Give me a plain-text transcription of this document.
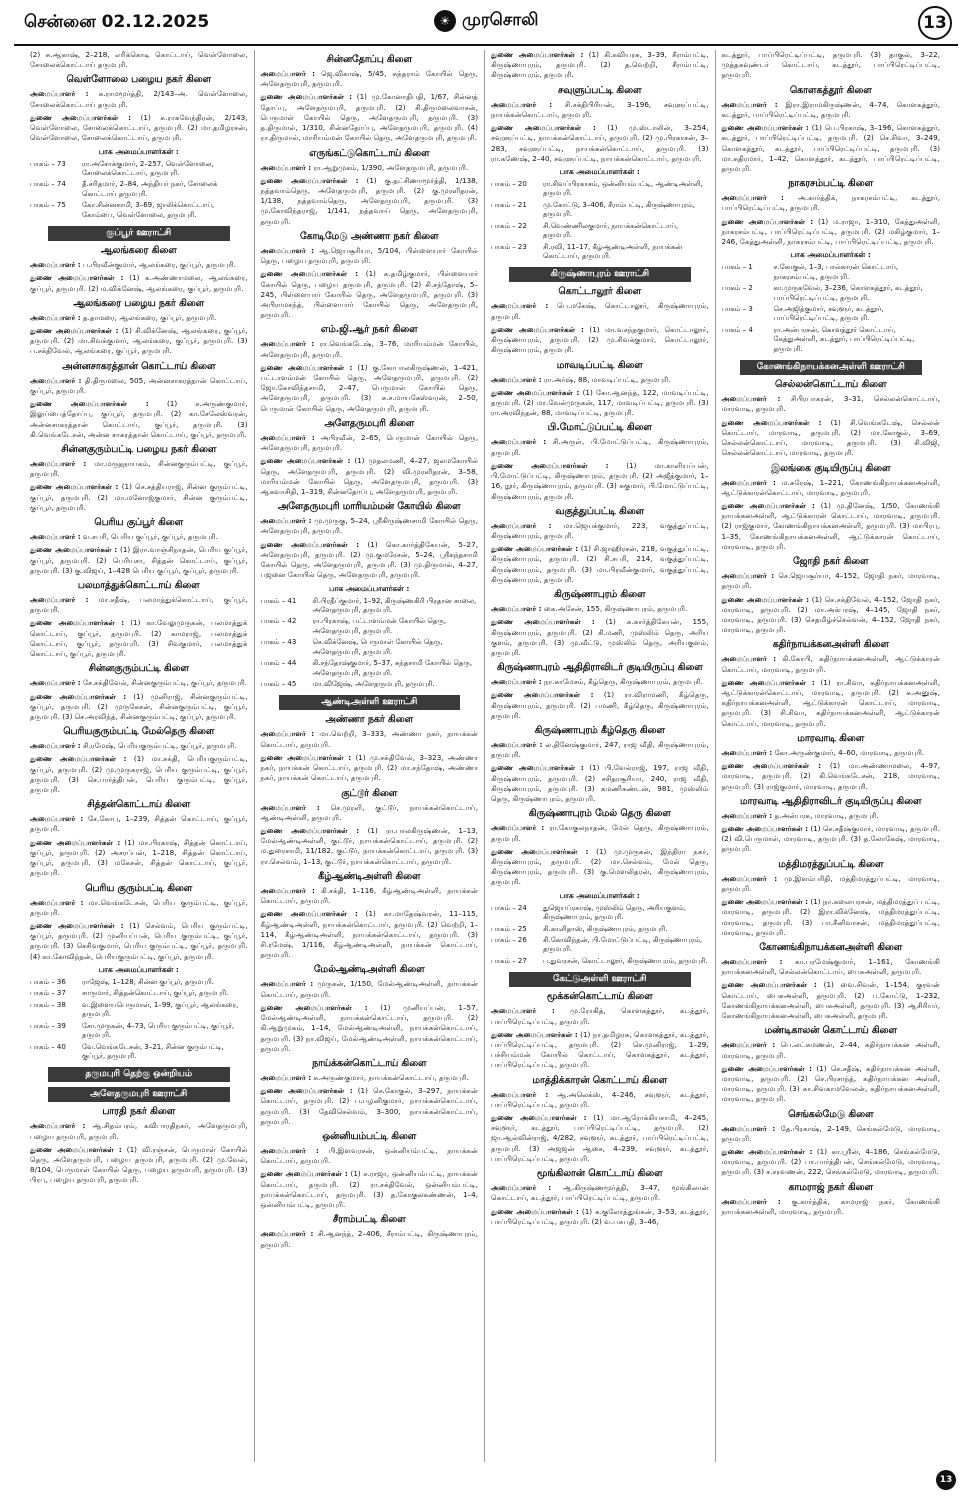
சென்னை 02.12.2025	☀ முரசொலி	13
(2) சு.ஆகாஷ், 2–218, எரிக்கொடி கொட்டாய், வெள்ளோலை, சோலைக்கொட்டாய் தருமபுரி.
வெள்ளோலை பழைய நகர் கிளை
அமைப்பாளர் : சு.ராமமூர்த்தி, 2/143–அ. வெள்ளோலை, சோலைக்கொட்டாய் தருமபுரி.
துணை அமைப்பாளர்கள் : (1) சு.ராகவேந்திரன், 2/143, வெள்ளோலை, சோலைக்கொட்டாய், தருமபுரி. (2) மா.தமிழரசன், வெள்ளோலை, சோலைக்கொட்டாய், தருமபுரி.
பாக அமைப்பாளர்கள் :
பாகம் – 73	ரா.அசோக்குமார், 2–257, வெள்ளோலை, சோலைக்கொட்டாய், தருமபுரி.
பாகம் – 74	தீ.சரிதமார், 2–84, அந்தியர் நகர், சோலைக் கொட்டாய் தருமபுரி.
பாகம் – 75	கோ.சின்னசாமி, 3–69, ஜாலிக்கொட்டாய், கோம்பை, வெள்ளோலை, தருமபுரி.
குப்பூர் ஊராட்சி
ஆலங்கரை கிளை
அமைப்பாளர் : ப.பிரவீன்குமார், ஆலங்கரை, குப்பூர், தருமபுரி.
துணை அமைப்பாளர்கள் : (1) க.அண்ணாமலை, ஆலங்கரை, குப்பூர், தருமபுரி. (2) ம.விக்னேஷ், ஆலங்கரை, குப்பூர், தருமபுரி.
ஆலங்கரை பழைய நகர் கிளை
அமைப்பாளர் : த.தாமரை, ஆலங்கரை, குப்பூர், தருமபுரி.
துணை அமைப்பாளர்கள் : (1) சி.விக்னேஷ், ஆலங்கரை, குப்பூர், தருமபுரி. (2) மா.சிவக்குமார், ஆலங்கரை, குப்பூர், தருமபுரி. (3) ப.சக்திவேல், ஆலங்கரை, குப்பூர், தருமபுரி.
அன்னசாகரத்தான் கொட்டாய் கிளை
அமைப்பாளர் : தி.திருமலை, 505, அன்னசாகரத்தான் கொட்டாய், குப்பூர், தருமபுரி.
துணை அமைப்பாளர்கள் : (1) ச.அருண்குமார், இலுப்பைத்தோப்பு, குப்பூர், தருமபுரி. (2) கா.சேலேஸ்வரன், அன்னசாகரத்தான் கொட்டாய், குப்பூர், தருமபுரி. (3) கி.வெங்கடேசன், அன்ன சாகரத்தான் கொட்டாய், குப்பூர், தருமபுரி.
சின்னகுரும்பட்டி பழைய நகர் கிளை
அமைப்பாளர் : மா.மருதநாயகம், சின்னகுரும்பட்டி, குப்பூர், தருமபுரி.
துணை அமைப்பாளர்கள் : (1) செ.சத்தியராஜ், சின்ன குரும்பட்டி, குப்பூர், தருமபுரி. (2) மா.மனோஜ்குமார், சின்ன குரும்பட்டி, குப்பூர், தருமபுரி.
பெரிய குப்பூர் கிளை
அமைப்பாளர் : வ.சபரி, பெரிய குப்பூர், குப்பூர், தருமபுரி.
துணை அமைப்பாளர்கள் : (1) இரா.வாஞ்சிநாதன், பெரிய குப்பூர், குப்பூர், தருமபுரி. (2) பெரியசா, சித்தன் கொட்டாய், குப்பூர், தருமபுரி. (3) கு.விஜய், 1–428 பெரிய குப்பூர், குப்பூர், தருமபுரி.
பலமாத்துக்கொட்டாய் கிளை
அமைப்பாளர் : மா.சதீஷ், பலமாத்துக்கொட்டாய், குப்பூர், தருமபுரி.
துணை அமைப்பாளர்கள் : (1) கா.வேலுமுருகன், பலமாத்துக் கொட்டாய், குப்பூர், தருமபுரி. (2) காமராஜ், பலமாத்துக் கொட்டாய், குப்பூர், தருமபுரி. (3) சிவகுமார், பலமாத்துக் கொட்டாய், குப்பூர், தருமபுரி.
சின்னகுரும்பட்டி கிளை
அமைப்பாளர் : சே.சக்திவேல், சின்னகுரும்பட்டி, குப்பூர், தருமபுரி.
துணை அமைப்பாளர்கள் : (1) முனிராஜ், சின்னகுரும்பட்டி, குப்பூர், தருமபுரி. (2) முருகேசன், சின்னகுரும்பட்டி, குப்பூர், தருமபுரி. (3) செ.அரவிந்த், சின்னகுரும்பட்டி, குப்பூர், தருமபுரி.
பெரியகுரும்பட்டி மேல்தெரு கிளை
அமைப்பாளர் : சி.ரமேஷ், பெரியகுரும்பட்டி, குப்பூர், தருமபுரி.
துணை அமைப்பாளர்கள் : (1) மா.சக்தி, பெரியகுரும்பட்டி, குப்பூர், தருமபுரி. (2) மு.முருகராஜ், பெரிய குரும்பட்டி, குப்பூர், தருமபுரி. (3) செ.பார்த்திபன், பெரிய குரும்பட்டி, குப்பூர், தருமபுரி.
சித்தன்கொட்டாய் கிளை
அமைப்பாளர் : சே.கோபு, 1–239, சித்தன் கொட்டாய், குப்பூர், தருமபுரி.
துணை அமைப்பாளர்கள் : (1) மா.பிரகாஷ், சித்தன் கொட்டாய், குப்பூர், தருமபுரி. (2) அசரப்பன், 1–218, சித்தன் கொட்டாய், குப்பூர், தருமபுரி. (3) மகேசன், சித்தன் கொட்டாய், குப்பூர், தருமபுரி.
பெரிய குரும்பட்டி கிளை
அமைப்பாளர் : மா.வெங்கடேசன், பெரிய குரும்பட்டி, குப்பூர், தருமபுரி.
துணை அமைப்பாளர்கள் : (1) செல்வம், பெரிய குரும்பட்டி, குப்பூர், தருமபுரி. (2) முனியப்பன், பெரிய குரும்பட்டி, குப்பூர், தருமபுரி. (3) செசிவகுமார், பெரிய குரும்பட்டி, குப்பூர், தருமபுரி. (4) கா.கோவிந்தன், பெரியகுரும்பட்டி, குப்பூர், தருமபுரி.
பாக அமைப்பாளர்கள் :
பாகம் – 36	ராஜேஷ், 1–128, சின்ன குப்பூர், தருமபுரி.
பாகம் – 37	சாருமார், சித்தன்கொட்டாய், குப்பூர், தருமபுரி.
பாகம் – 38	வ.இளையபெருமாள், 1–99, குப்பூர், ஆலங்கரை, தருமபுரி.
பாகம் – 39	சோ.முருகன், 4–73, பெரிய குரும்பட்டி, குப்பூர், தருமபுரி.
பாகம் – 40	வே.வெங்கடேசன், 3–21, சின்ன குரும்பட்டி, குப்பூர், தருமபுரி.
தருமபுரி தெற்கு ஒன்றியம்
அளேதருமபுரி ஊராட்சி
பாரதி நகர் கிளை
அமைப்பாளர் : ஆ.சிதம்பரம், கவிபாரதிநகர், அளேதருமபுரி, பழைய தருமபுரி, தருமபுரி.
துணை அமைப்பாளர்கள் : (1) வி.ரஞ்சன், பெருமாள் கோயில் தெரு, அளேதருமபுரி, பழைய தருமபுரி, தருமபுரி. (2) மு.வேல், 8/104, பெருமாள் கோயில் தெரு, பழைய தருமபுரி, தருமபுரி. (3) பிரபு, பழைய தருமபுரி, தருமபுரி.
சின்னதோப்பு கிளை
அமைப்பாளர் : ஜெ.விகாஷ், 5/45, சுந்தராம் கோயில் தெரு, அளேதருமபுரி, தருமபுரி.
துணை அமைப்பாளர்கள் : (1) மு.கோனாதிபதி, 1/67, சின்னத் தோப்பு, அளேதருமபுரி, தருமபுரி. (2) சி.திருமலைவாசன், பெருமாள் கோயில் தெரு, அளேதருமபுரி, தருமபுரி. (3) த.திருமால், 1/310, சின்னதோப்பு, அளேதருமபுரி, தருமபுரி. (4) ரா.திருமால், மாரியம்மன் கோயில் தெரு, அளேதருமபுரி, தருமபுரி.
எருங்கட்டுகொட்டாய் கிளை
அமைப்பாளர் : ரா.ஆறுமுகம், 1/390, அளேதருமபுரி, தருமபுரி.
துணை அமைப்பாளர்கள் : (1) கு.தட்சிணாமூர்த்தி, 1/138, நத்தவாம்தெரு, அளேதருமபுரி, தருமபுரி. (2) கு.முரளிதரன், 1/138, நத்தவாம்தெரு, அளேதருமபுரி, தருமபுரி. (3) மு.கோவிந்தராஜ், 1/141, நத்தவாய் தெரு, அளேதருமபுரி, தருமபுரி.
கோடிமேடு அண்ணா நகர் கிளை
அமைப்பாளர் : ஆ.ஜெயசூரியா, 5/104, பிள்ளையார் கோயில் தெரு, பழைய தருமபுரி, தருமபுரி.
துணை அமைப்பாளர்கள் : (1) க.தமிழ்குமார், பிள்ளையார் கோயில் தெரு, பழைய தருமபுரி, தருமபுரி. (2) சி.சந்தோஷ், 5–245, பிள்ளையார் கோயில் தெரு, அளேதருமபுரி, தருமபுரி. (3) அபிராமசந்த், பிள்ளையார் கோயில் தெரு, அளேதருமபுரி, தருமபுரி.
எம்.ஜி.ஆர் நகர் கிளை
அமைப்பாளர் : ரா.வெங்கடேஷ், 3–76, மாரியம்மன் கோயில், அளேதருமபுரி, தருமபுரி.
துணை அமைப்பாளர்கள் : (1) கு.கோபாலகிருஷ்ணன், 1–421, பட்டாளம்மன் கோயில் தெரு, அளேதருமபுரி, தருமபுரி. (2) ஜோ.கோவிந்தசாமி, 2–47, பெருமாள் கோயில் தெரு, அளேதருமபுரி, தருமபுரி. (3) சு.ச.மாயகேஸ்வரன், 2–50, பெருமாள் கோயில் தெரு, அளேதருமபுரி, தருமபுரி.
அளேதருமபுரி கிளை
அமைப்பாளர் : அபிரவீன், 2–65, பெருமாள் கோயில் தெரு, அளேதருமபுரி, தருமபுரி.
துணை அமைப்பாளர்கள் : (1) முதலமணி, 4–27, ஜலமகோயில் தெரு, அளேதருமபுரி, தருமபுரி. (2) வி.முரளிதரன், 3–58, மாரியம்மன் கோயில் தெரு, அளேதருமபுரி, தருமபுரி. (3) ஆகவாசிதி, 1–319, சின்னதோப்பு, அளேதருமபுரி, தருமபுரி.
அளேதருமபுரி மாரியம்மன் கோயில் கிளை
அமைப்பாளர் : மு.முருகு, 5–24, ஸ்ரீகிருஷ்ணசாமி கோயில் தெரு, அளேதருமபுரி, தருமபுரி.
துணை அமைப்பாளர்கள் : (1) கொ.கார்த்திகேயன், 5–27, அளேதருமபுரி, தருமபுரி. (2) மு.குமரேசன், 5–24, ஸ்ரீகந்தசாமி கோயில் தெரு, அளேதருமபுரி, தருமபுரி. (3) மு.திருமால், 4–27, பஜனை கோயில் தெரு, அளேதருமபுரி, தருமபுரி.
பாக அமைப்பாளர்கள் :
பாகம் – 41	சி.பிரதீப்குமார், 1–92, கிருஷ்ணகிரி பிரதான சாலை, அளேதருமபுரி, தருமபுரி.
பாகம் – 42	ரா.பிரகாஷ், பட்டாளம்மன் கோயில் தெரு, அளேதருமபுரி, தருமபுரி.
பாகம் – 43	செ.விக்னேஷ், பெருமாள் கோயில் தெரு, அளேதருமபுரி, தருமபுரி.
பாகம் – 44	கி.சந்தோஷ்குமார், 5–37, சுந்தசாமி கோயில் தெரு, அளேதருமபுரி, தருமபுரி.
பாகம் – 45	மா.விஜேஷ், அளேதருமபுரி, தருமபுரி.
ஆண்டிஅள்ளி ஊராட்சி
அண்ணா நகர் கிளை
அமைப்பாளர் : மா.வெற்றி, 3–333, அண்ணா நகர், நாயக்கன் கொட்டாய், தருமபுரி.
துணை அமைப்பாளர்கள் : (1) மு.சக்திவேல், 3–323, அண்ணா நகர், நாயக்கன் கொட்டாய், தருமபுரி. (2) மா.சந்தோஷ், அண்ணா நகர், நாயக்கன் கொட்டாய், தருமபுரி.
குட்டூர் கிளை
அமைப்பாளர் : செ.முரளி, குட்டூர், நாயக்கன்கொட்டாய், ஆண்டிஅள்ளி, தருமபுரி.
துணை அமைப்பாளர்கள் : (1) ரா.பாலகிருஷ்ணன், 1–13, மேல்ஆண்டிஅள்ளி, குட்டூர், நாயக்கன்கொட்டாய், தருமபுரி. (2) ம.துரைசாமி, 11/182, குட்டூர், நாயக்கன்கொட்டாய், தருமபுரி. (3) ரா.செல்வம், 1–13, குட்டூர், நாயக்கன்கொட்டாய், தருமபுரி.
கீழ்ஆண்டிஅள்ளி கிளை
அமைப்பாளர் : கி.சக்தி, 1–116, கீழ்ஆண்டிஅள்ளி, நாயக்கன் கொட்டாய், தருமபுரி.
துணை அமைப்பாளர்கள் : (1) கா.மாதேஷ்வரன், 11–115, கீழ்ஆண்டிஅள்ளி, நாயக்கன்கொட்டாய், தருமபுரி. (2) வெற்றி, 1–114, கீழ்ஆண்டிஅள்ளி, நாயக்கன்கொட்டாய், தருமபுரி. (3) சி.ரமேஷ், 1/116, கீழ்ஆண்டிஅள்ளி, நாயக்கன் கொட்டாய், தருமபுரி.
மேல்ஆண்டிஅள்ளி கிளை
அமைப்பாளர் : முருகன், 1/150, மேல்ஆண்டிஅள்ளி, நாயக்கன் கொட்டாய், தருமபுரி.
துணை அமைப்பாளர்கள் : (1) முனியப்பன், 1–57, மேல்ஆண்டிஅள்ளி, நாயக்கன்கொட்டாய், தருமபுரி. (2) கி.ஆறுமுகம், 1–14, மேல்ஆண்டிஅள்ளி, நாயக்கன்கொட்டாய், தருமபுரி. (3) நா.விஜய், மேல்ஆண்டிஅள்ளி, நாயக்கன்கொட்டாய், தருமபுரி.
நாய்க்கன்கொட்டாய் கிளை
அமைப்பாளர் : சு.அருண்குமார், நாயக்கன்கொட்டாய், தருமபுரி.
துணை அமைப்பாளர்கள் : (1) செ.கோகுல், 3–297, நாயக்கன் கொட்டாய், தருமபுரி. (2) ப.பழனிகுமார், நாயக்கன்கொட்டாய், தருமபுரி. (3) தேவிசெல்வம், 3–300, நாயக்கன்கொட்டாய், தருமபுரி.
ஒன்னியம்பட்டி கிளை
அமைப்பாளர் : பி.இளவரசன், ஒன்னியம்பட்டி, நாயக்கன் கொட்டாய், தருமபுரி.
துணை அமைப்பாளர்கள் : (1) ச.ராஜா, ஒன்னியம்பட்டி, நாயக்கன் கொட்டாய், தருமபுரி. (2) ரா.சக்திவேல், ஒன்னியம்பட்டி, நாயக்கன்கொட்டாய், தருமபுரி. (3) த.கோகுலகண்ணன், 1–4, ஒன்னியம்பட்டி, தருமபுரி.
சீராம்பட்டி கிளை
அமைப்பாளர் : சி.ஆனந்த், 2–406, சீராம்பட்டி, கிருஷ்ணாபுரம், தருமபுரி.
துணை அமைப்பாளர்கள் : (1) கி.கவியரசு, 3–39, சீராம்பட்டி, கிருஷ்ணாபுரம், தருமபுரி. (2) த.வெற்றி, சீராம்பட்டி, கிருஷ்ணாபுரம், தருமபுரி.
சவுளுப்பட்டி கிளை
அமைப்பாளர் : சி.சக்திபிரியன், 3–196, சவுளுப்பட்டி, நாயக்கன்கொட்டாய், தருமபுரி.
துணை அமைப்பாளர்கள் : (1) மு.ஸ்டாலின், 3–254, சவுளுப்பட்டி, நாயக்கன்கொட்டாய், தருமபுரி. (2) மு.பிரகாசன், 3–283, சவுளுப்பட்டி, நாயக்கன்கொட்டாய், தருமபுரி. (3) ரா.கணேஷ், 2–40, சவுளுப்பட்டி, நாயக்கன்கொட்டாய், தருமபுரி.
பாக அமைப்பாளர்கள் :
பாகம் – 20	ரா.சிவப்பிரகாசம், ஒன்னியம்பட்டி, ஆண்டிஅள்ளி, தருமபுரி.
பாகம் – 21	மு.கோட்டு, 3–406, சீராம்பட்டி, கிருஷ்ணாபுரம், தருமபுரி.
பாகம் – 22	சி.வெண்ணிலகுமார், நாயக்கன்கொட்டாய், தருமபுரி.
பாகம் – 23	சி.ரவி, 11–17, கீழ்ஆண்டிஅள்ளி, நாயக்கன் கொட்டாய், தருமபுரி.
கிருஷ்ணாபுரம் ஊராட்சி
கொட்டாலூர் கிளை
அமைப்பாளர் : பெ.மகேஷ், கொட்டாலூர், கிருஷ்ணாபுரம், தருமபுரி.
துணை அமைப்பாளர்கள் : (1) மா.வசந்தகுமார், கொட்டாலூர், கிருஷ்ணாபுரம், தருமபுரி. (2) மு.சிவக்குமார், கொட்டாலூர், கிருஷ்ணாபுரம், தருமபுரி.
மாவடிப்பட்டி கிளை
அமைப்பாளர் : ரா.அர்ஷ், 88, மாவடிப்பட்டி, தருமபுரி.
துணை அமைப்பாளர்கள் : (1) கோ.ஆனந்த், 122, மாவடிப்பட்டி, தருமபுரி. (2) மா.வேல்முருகன், 117, மாவடிப்பட்டி, தருமபுரி. (3) ரா.அரவிந்தன், 88, மாவடிப்பட்டி, தருமபுரி.
பி.மோட்டுப்பட்டி கிளை
அமைப்பாளர் : சி.அருள், பி.மோட்டுப்பட்டி, கிருஷ்ணாபுரம், தருமபுரி.
துணை அமைப்பாளர்கள் : (1) மா.காளியப்பன், பி.மோட்டுப்பட்டி, கிருஷ்ணாபுரம், தருமபுரி. (2) அஜீத்குமார், 1–16, நூர், கிருஷ்ணாபுரம், தருமபுரி. (3) சுகுமார், பி.மோட்டுப்பட்டி, கிருஷ்ணாபுரம், தருமபுரி.
வகுத்துப்பட்டி கிளை
அமைப்பாளர் : மா.ஜெயக்குமார், 223, வகுத்துப்பட்டி, கிருஷ்ணாபுரம், தருமபுரி.
துணை அமைப்பாளர்கள் : (1) சி.ஜாஹிரசன், 218, வகுத்துப்பட்டி, கிருஷ்ணாபுரம், தருமபுரி. (2) சி.சபரி, 214, வகுத்துப்பட்டி, கிருஷ்ணாபுரம், தருமபுரி. (3) மா.பிரவீன்குமார், வகுத்துப்பட்டி, கிருஷ்ணாபுரம், தருமபுரி.
கிருஷ்ணாபுரம் கிளை
அமைப்பாளர் : கை.அசேன், 155, கிருஷ்ணாபுரம், தருமபுரி.
துணை அமைப்பாளர்கள் : (1) சு.கார்த்திகேயன், 155, கிருஷ்ணாபுரம், தருமபுரி. (2) சி.மணி, முஸ்லிம் தெரு, அரிய குளம், தருமபுரி. (3) மு.வீட்டு, முஸ்லிம் தெரு, அரியகுளம், தருமபுரி.
கிருஷ்ணாபுரம் ஆதிதிராவிடர் குடியிருப்பு கிளை
அமைப்பாளர் : நா.காமேசம், கீழ்தெரு, கிருஷ்ணாபுரம், தருமபுரி.
துணை அமைப்பாளர்கள் : (1) ரா.விராமணி, கீழ்தெரு, கிருஷ்ணாபுரம், தருமபுரி. (2) பமணி, கீழ்தெரு, கிருஷ்ணாபுரம், தருமபுரி.
கிருஷ்ணாபுரம் கீழ்தெரு கிளை
அமைப்பாளர் : ல.தினேஷ்குமார், 247, ராஜ வீதி, கிருஷ்ணாபுரம், தருமபுரி.
துணை அமைப்பாளர்கள் : (1) பி.வேல்ராஜ், 197, ராஜ வீதி, கிருஷ்ணாபுரம், தருமபுரி. (2) சசிதரசூரியா, 240, ராஜ வீதி, கிருஷ்ணாபுரம், தருமபுரி. (3) கமணிகண்டன், 981, முஸ்லிம் தெரு, கிருஷ்ணாபுரம், தருமபுரி.
கிருஷ்ணாபுரம் மேல் தெரு கிளை
அமைப்பாளர் : ரா.கோகுலநாதன், மேல் தெரு, கிருஷ்ணாபுரம், தருமபுரி.
துணை அமைப்பாளர்கள் : (1) மு.முருகன், இந்திரா நகர், கிருஷ்ணாபுரம், தருமபுரி. (2) மா.செல்வம், மேல் தெரு, கிருஷ்ணாபுரம், தருமபுரி. (3) கு.மௌலிதரன், கிருஷ்ணாபுரம், தருமபுரி.
பாக அமைப்பாளர்கள் :
பாகம் – 24	துஜெயப்ரகாஷ், முஸ்லிம் தெரு, அரியகுளம், கிருஷ்ணாபுரம், தருமபுரி.
பாகம் – 25	சி.காளிதாஸ், கிருஷ்ணாபுரம், தருமபுரி.
பாகம் – 26	சி.கோவிந்தன், பி.மோட்டுப்பட்டி, கிருஷ்ணாபுரம், தருமபுரி.
பாகம் – 27	ப.துவரசன், கொட்டாலூர், கிருஷ்ணாபுரம், தருமபுரி.
கேட்டுஅள்ளி ஊராட்சி
மூக்கன்கொட்டாய் கிளை
அமைப்பாளர் : மு.ரோகித், கொளகத்தூர், கடத்தூர், பாப்பிரெட்டிப்பட்டி, தருமபுரி.
துணை அமைப்பாளர்கள் : (1) நா.தமிழரசு, கொளகத்தூர், கடத்தூர், பாப்பிரெட்டிப்பட்டி, தருமபுரி. (2) செ.முனிராஜ், 1–29, பச்சியம்மன் கோயில் கொட்டாய், கொளகத்தூர், கடத்தூர், பாப்பிரெட்டிப்பட்டி, தருமபுரி.
மாத்திக்காரன் கொட்டாய் கிளை
அமைப்பாளர் : ஆ.அலெக்ஸ், 4–246, சவுளூர், கடத்தூர், பாப்பிரெட்டிப்பட்டி, தருமபுரி.
துணை அமைப்பாளர்கள் : (1) மா.ஆரோக்கியசாமி, 4–245, சவுளூர், கடத்தூர், பாப்பிரெட்டிப்பட்டி, தருமபுரி. (2) ஜா.ஆல்வின்ராஜ், 4/282, சவுளூர், கடத்தூர், பாப்பிரெட்டிப்பட்டி, தருமபுரி. (3) அஜஜன் ஆசை, 4–239, சவுளூர், கடத்தூர், பாப்பிரெட்டிப்பட்டி, தருமபுரி.
மூங்கிலான் கொட்டாய் கிளை
அமைப்பாளர் : ஆ.கிருஷ்ணமூர்த்தி, 3–47, மூங்கிலான் கொட்டாய், கடத்தூர், பாப்பிரெட்டிப்பட்டி, தருமபுரி.
துணை அமைப்பாளர்கள் : (1) க.குலோத்துங்கன், 3–53, கடத்தூர், பாப்பிரெட்டிப்பட்டி, தருமபுரி. (2) வ.பசுபதி, 3–46,
கடத்தூர், பாப்பிரெட்டிப்பட்டி, தருமபுரி. (3) தாகுல், 3–22, முத்தகவுண்டர் கொட்டாய், கடத்தூர், பாப்பிரெட்டிப்பட்டி, தருமபுரி.
கொளகத்தூர் கிளை
அமைப்பாளர் : இரா.இராமகிருஷ்ணன், 4–74, கொளகத்தூர், கடத்தூர், பாப்பிரெட்டிப்பட்டி, தருமபுரி.
துணை அமைப்பாளர்கள் : (1) பெ.பிரகாஷ், 3–196, கொளகத்தூர், கடத்தூர், பாப்பிரெட்டிப்பட்டி, தருமபுரி. (2) செ.சிவா, 3–249, கொளகத்தூர், கடத்தூர், பாப்பிரெட்டிப்பட்டி, தருமபுரி. (3) மா.சுதிரமார், 1–42, கொளத்தூர், கடத்தூர், பாப்பிரெட்டிப்பட்டி, தருமபுரி.
நாகரசம்பட்டி கிளை
அமைப்பாளர் : அ.கார்த்திக், நாகரசம்பட்டி, கடத்தூர், பாப்பிரெட்டிப்பட்டி, தருமபுரி.
துணை அமைப்பாளர்கள் : (1) ம.ராஜா, 1–310, கேத்துஅள்ளி, நாகரசம்பட்டி, பாப்பிரெட்டிப்பட்டி, தருமபுரி. (2) மகிழ்குமார், 1–246, கேத்துஅள்ளி, நாகரசம்பட்டி, பாப்பிரெட்டிப்பட்டி, தருமபுரி.
பாக அமைப்பாளர்கள் :
பாகம் – 1	ச.கோகுல், 1–3, பால்காரன் கொட்டாய், நாகரசம்பட்டி, தருமபுரி.
பாகம் – 2	கா.முருகவேல், 3–236, கொளகத்தூர், கடத்தூர், பாப்பிரெட்டிப்பட்டி, தருமபுரி.
பாகம் – 3	செ.அஜித்குமார், சவுளூர், கடத்தூர், பாப்பிரெட்டிப்பட்டி, தருமபுரி.
பாகம் – 4	ரா.அன்பரசன், கொளத்தூர் கொட்டாய், கேத்துஅள்ளி, கடத்தூர், பாப்பிரெட்டிப்பட்டி, தருமபுரி.
கோணங்கிநாயக்கனஅள்ளி ஊராட்சி
செல்லன்கொட்டாய் கிளை
அமைப்பாளர் : சிபிரபாகரன், 3–31, செல்லன்கொட்டாய், மாரவாடி, தருமபுரி.
துணை அமைப்பாளர்கள் : (1) சி.வெங்கடேஷ், செல்லன் கொட்டாய், மாரவாடி, தருமபுரி. (2) மா.கோகுல், 3–69, செல்லன்கொட்டாய், மாரவாடி, தருமபுரி. (3) சி.விஜி, செல்லன்கொட்டாய், மாரவாடி, தருமபுரி.
இலங்கை குடியிருப்பு கிளை
அமைப்பாளர் : ம.சுரேஷ், 1–221, கோணங்கிநாயக்கனஅள்ளி, ஆட்டுக்காரன்கொட்டாய், மாரவாடி, தருமபுரி.
துணை அமைப்பாளர்கள் : (1) மு.தினேஷ், 1/50, கோணங்கி நாயக்கனஅள்ளி, ஆட்டுக்காரன் கொட்டாய், மாரவாடி, தருமபுரி. (2) ராஜ்குமார், கோணங்கிநாயக்கனஅள்ளி, தருமபுரி. (3) மாபிரபு, 1–35, கோணங்கிநாயக்கனஅள்ளி, ஆட்டுக்காரன் கொட்டாய், மாரவாடி, தருமபுரி.
ஜோதி நகர் கிளை
அமைப்பாளர் : செ.ஜெயசூர்யா, 4–152, ஜோதி நகர், மாரவாடி, தருமபுரி.
துணை அமைப்பாளர்கள் : (1) செ.சக்திவேல், 4–152, ஜோதி நகர், மாரவாடி, தருமபுரி. (2) மா.அக்பரஷ், 4–145, ஜோதி நகர், மாரவாடி, தருமபுரி. (3) செதமிழ்ச்செல்வன், 4–152, ஜோதி நகர், மாரவாடி, தருமபுரி.
கதிர்நாயக்கனஅள்ளி கிளை
அமைப்பாளர் : கி.கோபி, கதிர்நாயக்கனஅள்ளி, ஆட்டுக்காரன் கொட்டாய், மாரவாடி, தருமபுரி.
துணை அமைப்பாளர்கள் : (1) ரா.சிவா, கதிர்நாயக்கனஅள்ளி, ஆட்டுக்காரன்கொட்டாய், மாரவாடி, தருமபுரி. (2) சு.அனுஷ், கதிர்நாயக்கனஅள்ளி, ஆட்டுக்காரன் கொட்டாய், மாரவாடி, தருமபுரி. (3) சி.சிவா, கதிர்நாயக்கனஅள்ளி, ஆட்டுக்காரன் கொட்டாய், மாரவாடி, தருமபுரி.
மாரவாடி கிளை
அமைப்பாளர் : கோ.அருண்குமார், 4–60, மாரவாடி, தருமபுரி.
துணை அமைப்பாளர்கள் : (1) மா.அண்ணாமலை, 4–97, மாரவாடி, தருமபுரி. (2) கி.வெங்கடேசன், 218, மாரவாடி, தருமபுரி. (3) ராஜ்குமார், மாரவாடி, தருமபுரி.
மாரவாடி ஆதிதிராவிடர் குடியிருப்பு கிளை
அமைப்பாளர் : த.அன்பரசு, மாரவாடி, தருமபுரி.
துணை அமைப்பாளர்கள் : (1) செ.சதீஷ்குமார், மாரவாடி, தருமபுரி. (2) வி.பெருமாள், மாரவாடி, தருமபுரி. (3) த.லோகேஷ், மாரவாடி, தருமபுரி.
மத்திமரத்துப்பட்டி கிளை
அமைப்பாளர் : மு.இளம்பரிதி, மத்திமரத்துப்பட்டி, மாரவாடி, தருமபுரி.
துணை அமைப்பாளர்கள் : (1) நா.கலையரசன், மத்திமரத்துப் பட்டி, மாரவாடி, தருமபுரி. (2) இரா.விக்னேஷ், மத்திமரத்துப்பட்டி, மாரவாடி, தருமபுரி. (3) பா.சீனிவாசன், மத்திமரத்துப்பட்டி, மாரவாடி, தருமபுரி.
கோணங்கிநாயக்கனஅள்ளி கிளை
அமைப்பாளர் : கா.பரமேஷ்குமார், 1–161, கோணங்கி நாயக்கனஅள்ளி, செல்லன்கொட்டாய், பைசுஅள்ளி, தருமபுரி.
துணை அமைப்பாளர்கள் : (1) வை.சிவன், 1–154, குரவன் கொட்டாய், பைசுஅள்ளி, தருமபுரி. (2) ப.கோட்டு, 1–232, கோணங்கிநாயக்கனஅள்ளி, பைசுஅள்ளி, தருமபுரி. (3) ஆசிரியர், கோணங்கிநாயக்கனஅள்ளி, பைசுஅள்ளி, தருமபுரி.
மண்டிகாலன் கொட்டாய் கிளை
அமைப்பாளர் : பெ.லட்சுமணன், 2–44, கதிர்நாயக்கன அள்ளி, மாரவாடி, தருமபுரி.
துணை அமைப்பாளர்கள் : (1) செ.சதீஷ், கதிர்நாயக்கன அள்ளி, மாரவாடி, தருமபுரி. (2) செ.பிரசாந்த், கதிர்நாயக்கன அள்ளி, மாரவாடி, தருமபுரி. (3) கா.சிவகாமவேலன், கதிர்நாயக்கனஅள்ளி, மாரவாடி, தருமபுரி.
செங்கல்மேடு கிளை
அமைப்பாளர் : தே.பிரகாஷ், 2–149, செங்கல்மேடு, மாரவாடி, தருமபுரி.
துணை அமைப்பாளர்கள் : (1) கா.ஸ்ரீன், 4–186, செங்கல்மேடு, மாரவாடி, தருமபுரி. (2) பா.பார்த்திபன், செங்கல்மேடு, மாரவாடி, தருமபுரி. (3) ச.சரவணன், 222, செங்கல்மேடு, மாரவாடி, தருமபுரி.
காமராஜ் நகர் கிளை
அமைப்பாளர் : கு.கார்த்திக், காமராஜ் நகர், கோணங்கி நாயக்கனஅள்ளி, மாரவாடி, தருமபுரி.
13
